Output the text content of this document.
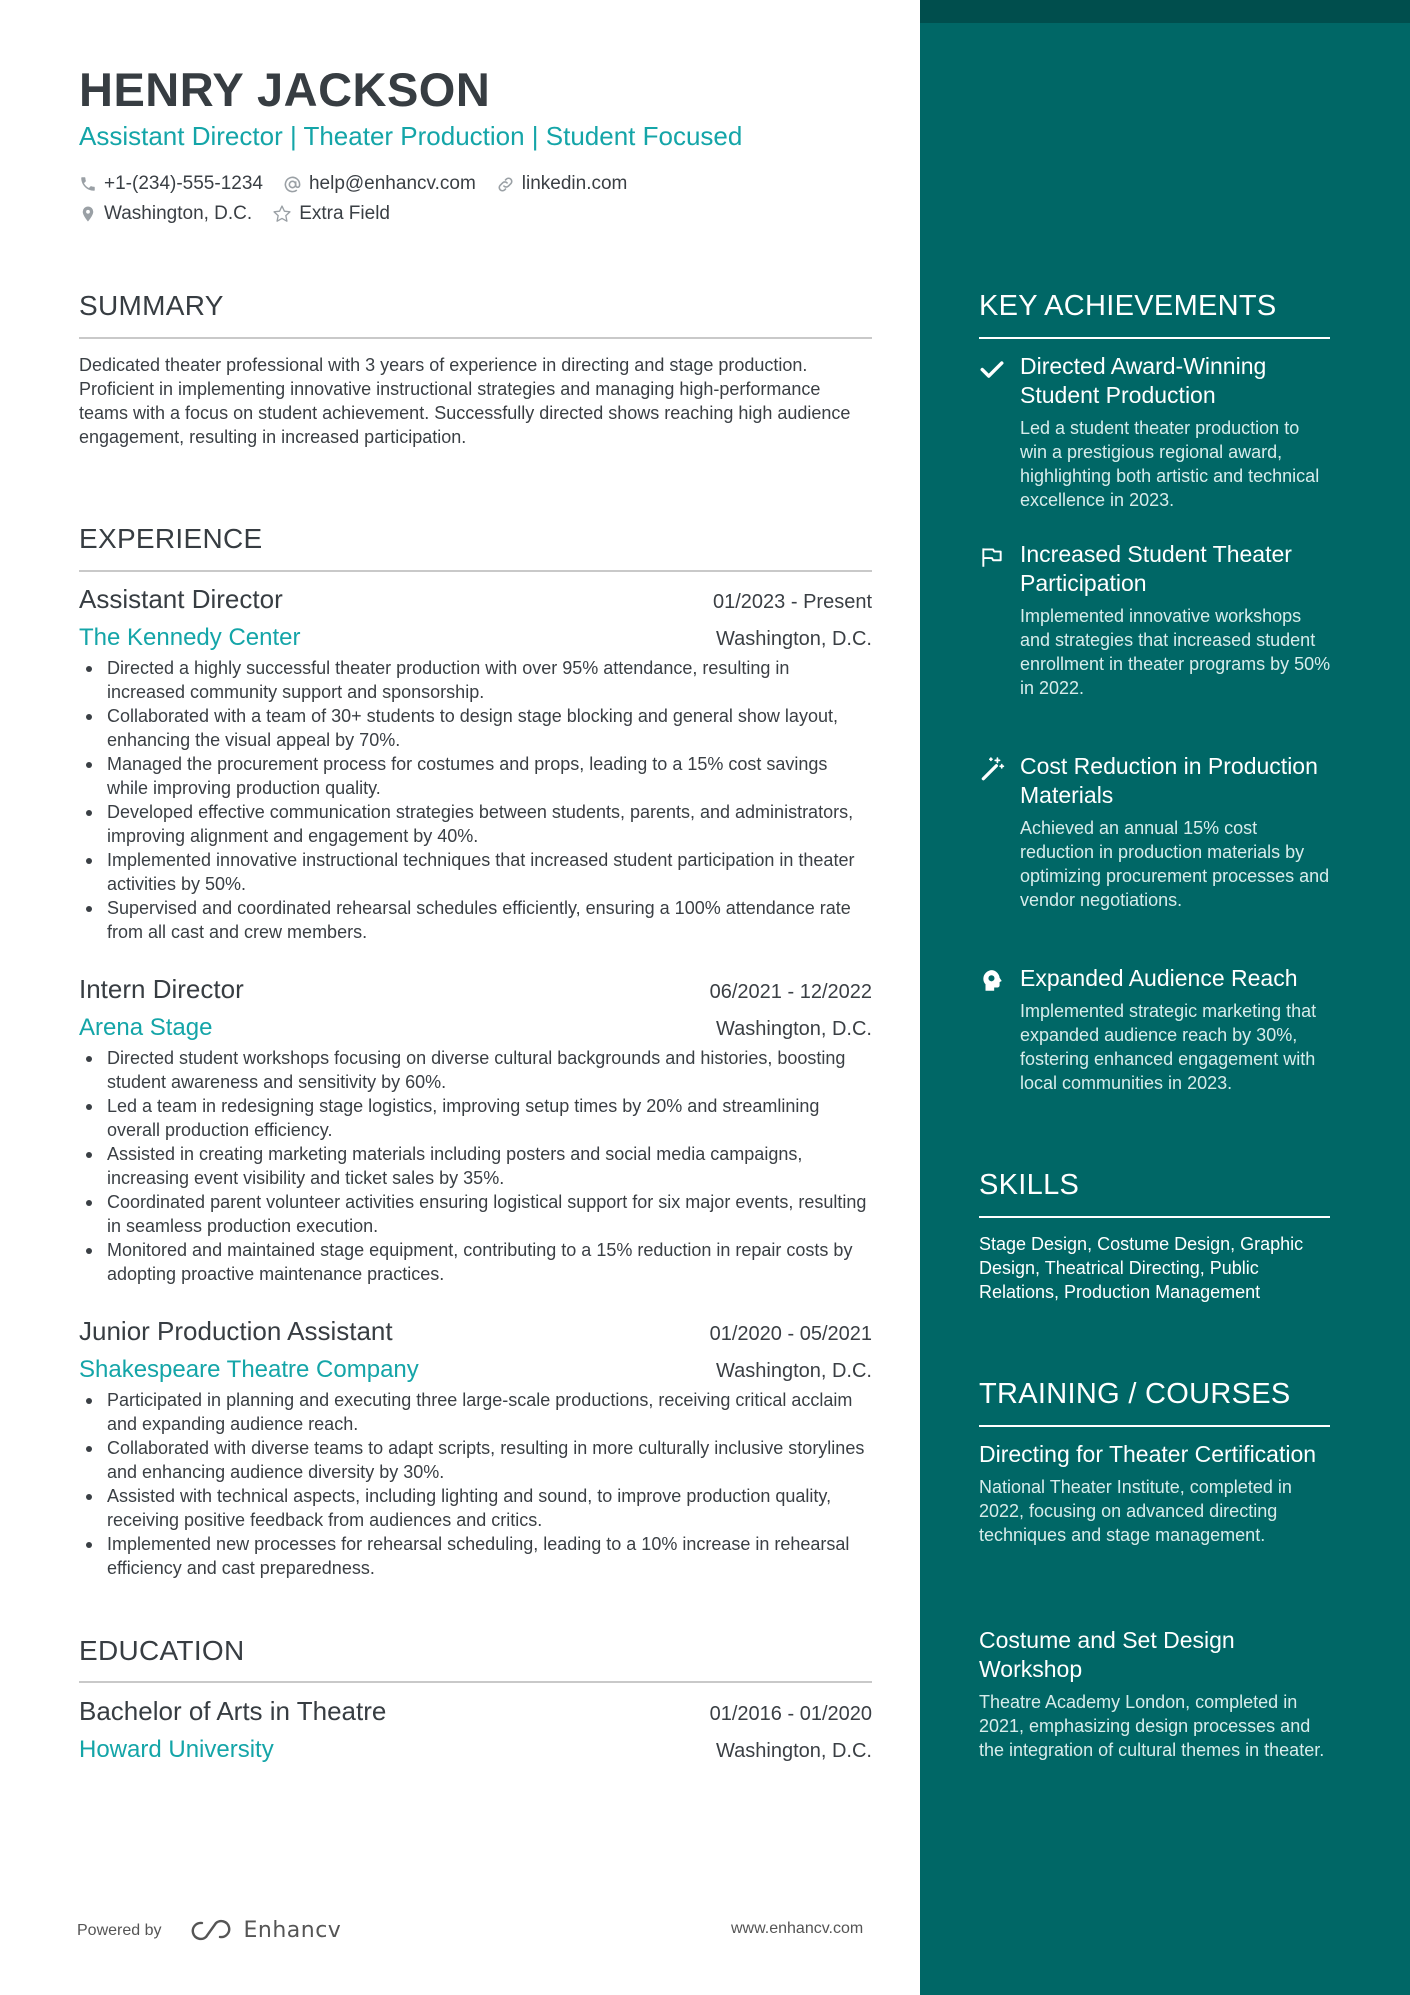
HENRY JACKSON
Assistant Director | Theater Production | Student Focused
+1-(234)-555-1234 help@enhancv.com linkedin.com
Washington, D.C. Extra Field
SUMMARY
Dedicated theater professional with 3 years of experience in directing and stage production. Proficient in implementing innovative instructional strategies and managing high-performance teams with a focus on student achievement. Successfully directed shows reaching high audience engagement, resulting in increased participation.
EXPERIENCE
Assistant Director	01/2023 - Present
The Kennedy Center	Washington, D.C.
Directed a highly successful theater production with over 95% attendance, resulting in increased community support and sponsorship.
Collaborated with a team of 30+ students to design stage blocking and general show layout, enhancing the visual appeal by 70%.
Managed the procurement process for costumes and props, leading to a 15% cost savings while improving production quality.
Developed effective communication strategies between students, parents, and administrators, improving alignment and engagement by 40%.
Implemented innovative instructional techniques that increased student participation in theater activities by 50%.
Supervised and coordinated rehearsal schedules efficiently, ensuring a 100% attendance rate from all cast and crew members.
Intern Director	06/2021 - 12/2022
Arena Stage	Washington, D.C.
Directed student workshops focusing on diverse cultural backgrounds and histories, boosting student awareness and sensitivity by 60%.
Led a team in redesigning stage logistics, improving setup times by 20% and streamlining overall production efficiency.
Assisted in creating marketing materials including posters and social media campaigns, increasing event visibility and ticket sales by 35%.
Coordinated parent volunteer activities ensuring logistical support for six major events, resulting in seamless production execution.
Monitored and maintained stage equipment, contributing to a 15% reduction in repair costs by adopting proactive maintenance practices.
Junior Production Assistant	01/2020 - 05/2021
Shakespeare Theatre Company	Washington, D.C.
Participated in planning and executing three large-scale productions, receiving critical acclaim and expanding audience reach.
Collaborated with diverse teams to adapt scripts, resulting in more culturally inclusive storylines and enhancing audience diversity by 30%.
Assisted with technical aspects, including lighting and sound, to improve production quality, receiving positive feedback from audiences and critics.
Implemented new processes for rehearsal scheduling, leading to a 10% increase in rehearsal efficiency and cast preparedness.
EDUCATION
Bachelor of Arts in Theatre	01/2016 - 01/2020
Howard University	Washington, D.C.
KEY ACHIEVEMENTS
Directed Award-Winning Student Production
Led a student theater production to win a prestigious regional award, highlighting both artistic and technical excellence in 2023.
Increased Student Theater Participation
Implemented innovative workshops and strategies that increased student enrollment in theater programs by 50% in 2022.
Cost Reduction in Production Materials
Achieved an annual 15% cost reduction in production materials by optimizing procurement processes and vendor negotiations.
Expanded Audience Reach
Implemented strategic marketing that expanded audience reach by 30%, fostering enhanced engagement with local communities in 2023.
SKILLS
Stage Design, Costume Design, Graphic Design, Theatrical Directing, Public Relations, Production Management
TRAINING / COURSES
Directing for Theater Certification
National Theater Institute, completed in 2022, focusing on advanced directing techniques and stage management.
Costume and Set Design Workshop
Theatre Academy London, completed in 2021, emphasizing design processes and the integration of cultural themes in theater.
Powered by	Enhancv	www.enhancv.com
